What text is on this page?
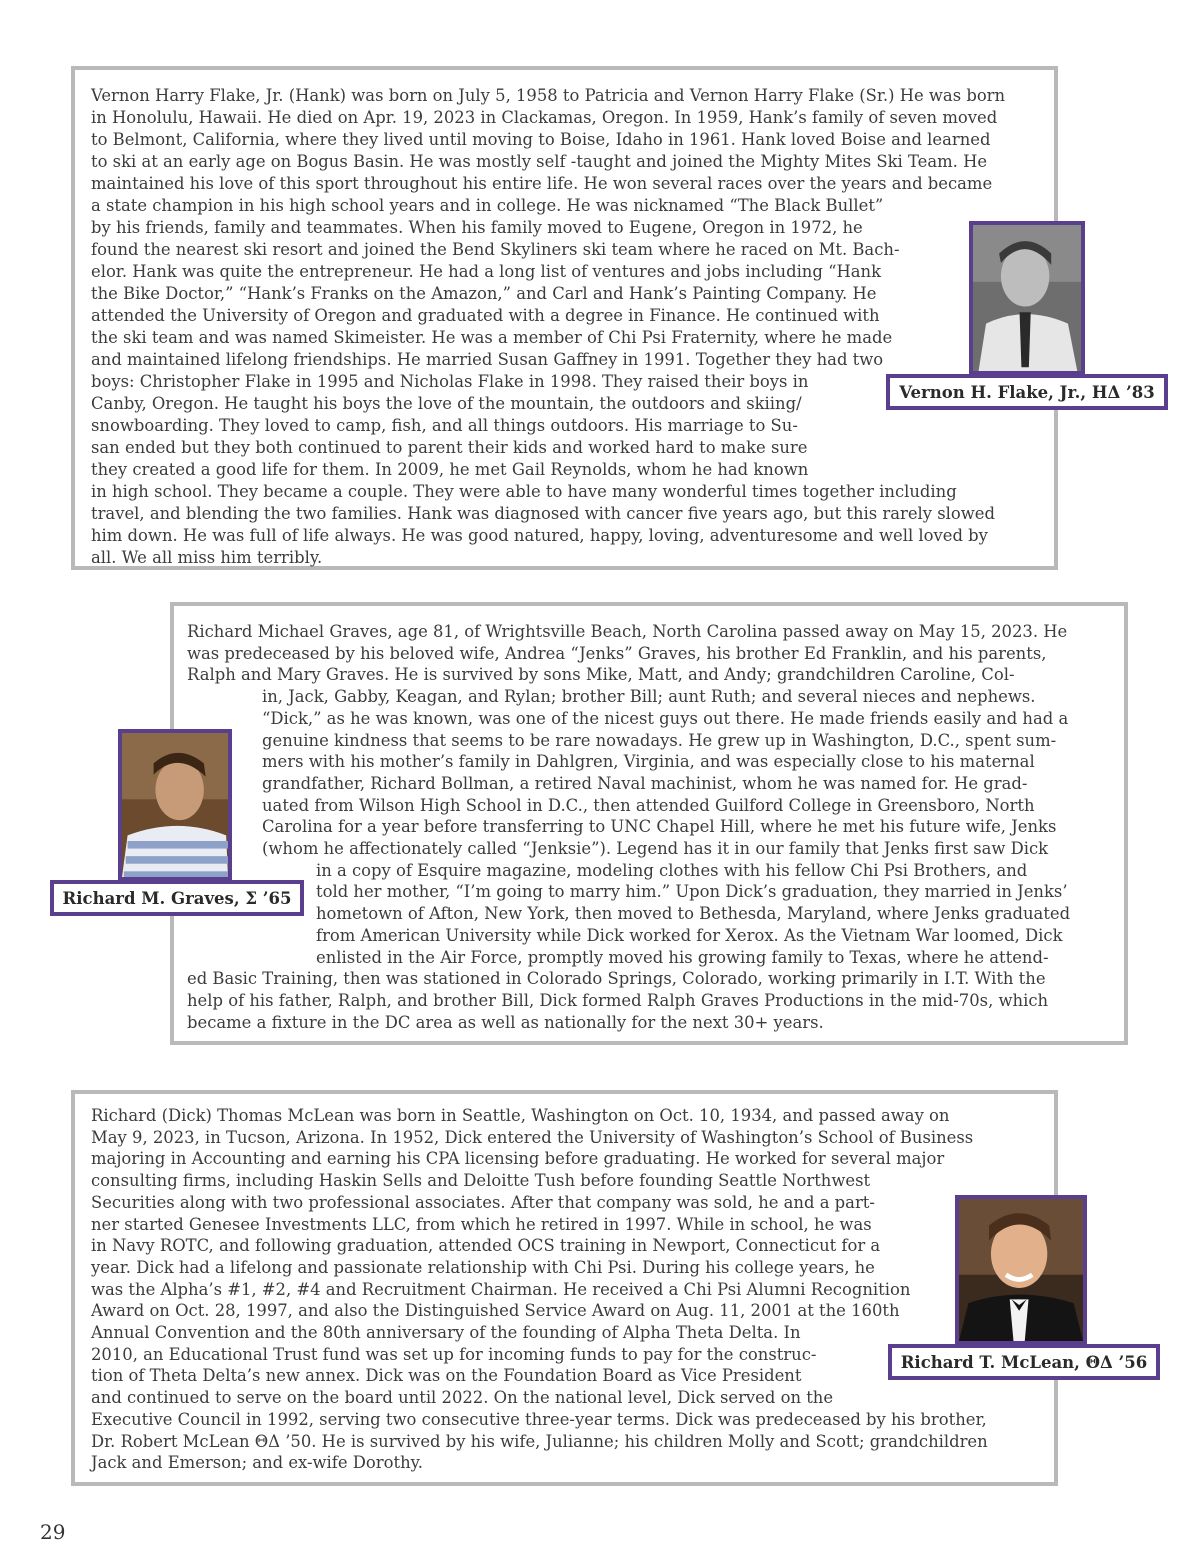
Vernon Harry Flake, Jr. (Hank) was born on July 5, 1958 to Patricia and Vernon Harry Flake (Sr.) He was born
in Honolulu, Hawaii. He died on Apr. 19, 2023 in Clackamas, Oregon. In 1959, Hank’s family of seven moved
to Belmont, California, where they lived until moving to Boise, Idaho in 1961. Hank loved Boise and learned
to ski at an early age on Bogus Basin. He was mostly self -taught and joined the Mighty Mites Ski Team. He
maintained his love of this sport throughout his entire life. He won several races over the years and became
a state champion in his high school years and in college. He was nicknamed “The Black Bullet”
by his friends, family and teammates. When his family moved to Eugene, Oregon in 1972, he
found the nearest ski resort and joined the Bend Skyliners ski team where he raced on Mt. Bach-
elor. Hank was quite the entrepreneur. He had a long list of ventures and jobs including “Hank
the Bike Doctor,” “Hank’s Franks on the Amazon,” and Carl and Hank’s Painting Company. He
attended the University of Oregon and graduated with a degree in Finance. He continued with
the ski team and was named Skimeister. He was a member of Chi Psi Fraternity, where he made
and maintained lifelong friendships. He married Susan Gaffney in 1991. Together they had two
boys: Christopher Flake in 1995 and Nicholas Flake in 1998. They raised their boys in
Canby, Oregon. He taught his boys the love of the mountain, the outdoors and skiing/
snowboarding. They loved to camp, fish, and all things outdoors. His marriage to Su-
san ended but they both continued to parent their kids and worked hard to make sure
they created a good life for them. In 2009, he met Gail Reynolds, whom he had known
in high school. They became a couple. They were able to have many wonderful times together including
travel, and blending the two families. Hank was diagnosed with cancer five years ago, but this rarely slowed
him down. He was full of life always. He was good natured, happy, loving, adventuresome and well loved by
all. We all miss him terribly.
Vernon H. Flake, Jr., HΔ ’83
Richard Michael Graves, age 81, of Wrightsville Beach, North Carolina passed away on May 15, 2023. He
was predeceased by his beloved wife, Andrea “Jenks” Graves, his brother Ed Franklin, and his parents,
Ralph and Mary Graves. He is survived by sons Mike, Matt, and Andy; grandchildren Caroline, Col-
in, Jack, Gabby, Keagan, and Rylan; brother Bill; aunt Ruth; and several nieces and nephews.
“Dick,” as he was known, was one of the nicest guys out there. He made friends easily and had a
genuine kindness that seems to be rare nowadays. He grew up in Washington, D.C., spent sum-
mers with his mother’s family in Dahlgren, Virginia, and was especially close to his maternal
grandfather, Richard Bollman, a retired Naval machinist, whom he was named for. He grad-
uated from Wilson High School in D.C., then attended Guilford College in Greensboro, North
Carolina for a year before transferring to UNC Chapel Hill, where he met his future wife, Jenks
(whom he affectionately called “Jenksie”). Legend has it in our family that Jenks first saw Dick
in a copy of Esquire magazine, modeling clothes with his fellow Chi Psi Brothers, and
told her mother, “I’m going to marry him.” Upon Dick’s graduation, they married in Jenks’
hometown of Afton, New York, then moved to Bethesda, Maryland, where Jenks graduated
from American University while Dick worked for Xerox. As the Vietnam War loomed, Dick
enlisted in the Air Force, promptly moved his growing family to Texas, where he attend-
ed Basic Training, then was stationed in Colorado Springs, Colorado, working primarily in I.T. With the
help of his father, Ralph, and brother Bill, Dick formed Ralph Graves Productions in the mid-70s, which
became a fixture in the DC area as well as nationally for the next 30+ years.
Richard M. Graves, Σ ’65
Richard (Dick) Thomas McLean was born in Seattle, Washington on Oct. 10, 1934, and passed away on
May 9, 2023, in Tucson, Arizona. In 1952, Dick entered the University of Washington’s School of Business
majoring in Accounting and earning his CPA licensing before graduating. He worked for several major
consulting firms, including Haskin Sells and Deloitte Tush before founding Seattle Northwest
Securities along with two professional associates. After that company was sold, he and a part-
ner started Genesee Investments LLC, from which he retired in 1997. While in school, he was
in Navy ROTC, and following graduation, attended OCS training in Newport, Connecticut for a
year. Dick had a lifelong and passionate relationship with Chi Psi. During his college years, he
was the Alpha’s #1, #2, #4 and Recruitment Chairman. He received a Chi Psi Alumni Recognition
Award on Oct. 28, 1997, and also the Distinguished Service Award on Aug. 11, 2001 at the 160th
Annual Convention and the 80th anniversary of the founding of Alpha Theta Delta. In
2010, an Educational Trust fund was set up for incoming funds to pay for the construc-
tion of Theta Delta’s new annex. Dick was on the Foundation Board as Vice President
and continued to serve on the board until 2022. On the national level, Dick served on the
Executive Council in 1992, serving two consecutive three-year terms. Dick was predeceased by his brother,
Dr. Robert McLean ΘΔ ’50. He is survived by his wife, Julianne; his children Molly and Scott; grandchildren
Jack and Emerson; and ex-wife Dorothy.
Richard T. McLean, ΘΔ ’56
29
